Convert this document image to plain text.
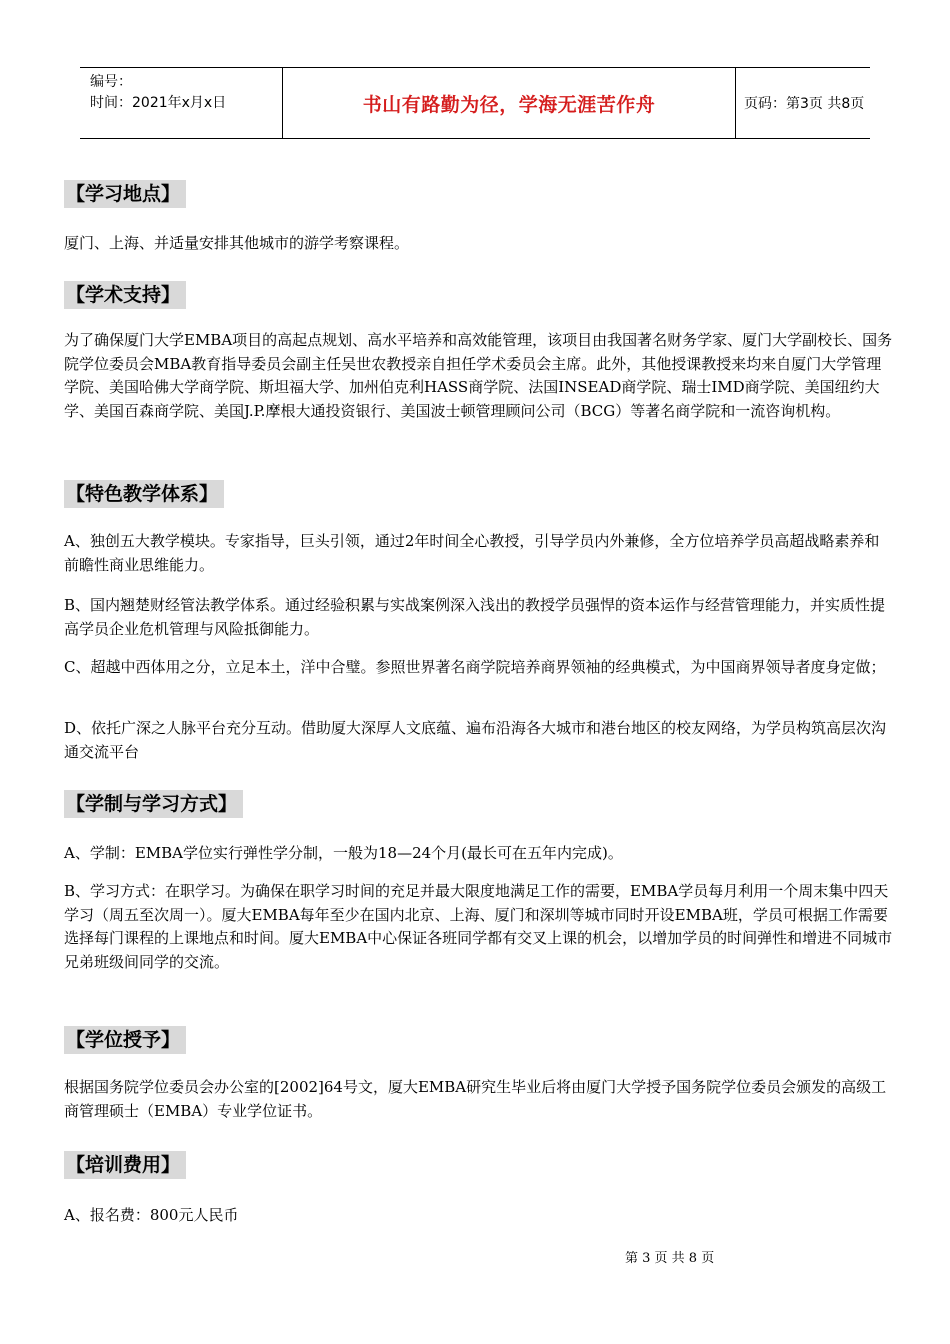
编号：
时间：2021年x月x日	书山有路勤为径，学海无涯苦作舟	页码：第3页 共8页
【学习地点】
厦门、上海、并适量安排其他城市的游学考察课程。
【学术支持】
为了确保厦门大学EMBA项目的高起点规划、高水平培养和高效能管理，该项目由我国著名财务学家、厦门大学副校长、国务院学位委员会MBA教育指导委员会副主任吴世农教授亲自担任学术委员会主席。此外，其他授课教授来均来自厦门大学管理学院、美国哈佛大学商学院、斯坦福大学、加州伯克利HASS商学院、法国INSEAD商学院、瑞士IMD商学院、美国纽约大学、美国百森商学院、美国J.P.摩根大通投资银行、美国波士顿管理顾问公司（BCG）等著名商学院和一流咨询机构。
【特色教学体系】
A、独创五大教学模块。专家指导，巨头引领，通过2年时间全心教授，引导学员内外兼修，全方位培养学员高超战略素养和前瞻性商业思维能力。
B、国内翘楚财经管法教学体系。通过经验积累与实战案例深入浅出的教授学员强悍的资本运作与经营管理能力，并实质性提高学员企业危机管理与风险抵御能力。
C、超越中西体用之分，立足本土，洋中合璧。参照世界著名商学院培养商界领袖的经典模式，为中国商界领导者度身定做；
D、依托广深之人脉平台充分互动。借助厦大深厚人文底蕴、遍布沿海各大城市和港台地区的校友网络，为学员构筑高层次沟通交流平台
【学制与学习方式】
A、学制：EMBA学位实行弹性学分制，一般为18—24个月(最长可在五年内完成)。
B、学习方式：在职学习。为确保在职学习时间的充足并最大限度地满足工作的需要，EMBA学员每月利用一个周末集中四天学习（周五至次周一）。厦大EMBA每年至少在国内北京、上海、厦门和深圳等城市同时开设EMBA班，学员可根据工作需要选择每门课程的上课地点和时间。厦大EMBA中心保证各班同学都有交叉上课的机会，以增加学员的时间弹性和增进不同城市兄弟班级间同学的交流。
【学位授予】
根据国务院学位委员会办公室的[2002]64号文，厦大EMBA研究生毕业后将由厦门大学授予国务院学位委员会颁发的高级工商管理硕士（EMBA）专业学位证书。
【培训费用】
A、报名费：800元人民币
第 3 页 共 8 页
